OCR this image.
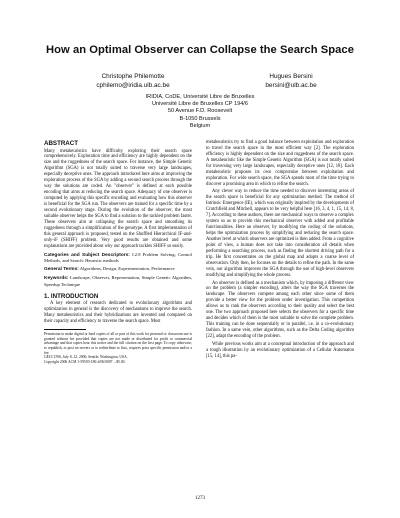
How an Optimal Observer can Collapse the Search Space
Christophe Philemotte
cphilemo@iridia.ulb.ac.be
Hugues Bersini
bersini@ulb.ac.be
IRIDIA, CoDE, Université Libre de Bruxelles
Université Libre de Bruxelles CP 194/6
50 Avenue F.D. Roosevelt
B-1050 Brussels
Belgium
ABSTRACT

Many metaheuristics have difficulty exploring their search space comprehensively. Exploration time and efficiency are highly dependent on the size and the ruggedness of the search space. For instance, the Simple Genetic Algorithm (SGA) is not totally suited to traverse very large landscapes, especially deceptive ones. The approach introduced here aims at improving the exploration process of the SGA by adding a second search process through the way the solutions are coded. An "observer" is defined at each possible encoding that aims at reducing the search space. Adequacy of one observer is computed by applying this specific encoding and evaluating how this observer is beneficial for the SGA run. The observers are trained for a specific time by a second evolutionary stage. During the evolution of the observer, the most suitable observer helps the SGA to find a solution to the tackled problem faster. These observers aim at collapsing the search space and smoothing its ruggedness through a simplification of the genotype. A first implementation of this general approach is proposed, tested on the Shuffled Hierarchical IF-and-only-iF (SHIFF) problem. Very good results are obtained and some explanations are provided about why our approach tackles SHIFF so easily.

Categories and Subject Descriptors: I.2.8 Problem Solving, Control Methods, and Search: Heuristic methods

General Terms: Algorithms, Design, Experimentation, Performance

Keywords: Landscape, Observer, Representation, Simple Genetic Algorithm, Speedup Technique

1. INTRODUCTION

A key element of research dedicated to evolutionary algorithms and optimization in general is the discovery of mechanisms to improve the search. Many metaheuristics and their hybridizations are invented and compared on their capacity and efficiency to traverse the search space. Most

Permission to make digital or hard copies of all or part of this work for personal or classroom use is granted without fee provided that copies are not made or distributed for profit or commercial advantage and that copies bear this notice and the full citation on the first page. To copy otherwise, to republish, to post on servers or to redistribute to lists, requires prior specific permission and/or a fee.

GECCO'06, July 8–12, 2006, Seattle, Washington, USA.

Copyright 2006 ACM 1-59593-186-4/06/0007 ...$5.00.

metaheuristics try to find a good balance between exploitation and exploration to travel the search space in the most efficient way [2]. The exploration efficiency is highly dependent on the size and ruggedness of the search space. A metaheuristic like the Simple Genetic Algorithm (SGA) is not totally suited for traversing very large landscapes, especially deceptive ones [12, 18]. Each metaheuristic proposes its own compromise between exploitation and exploration. For wide search space, the SGA spends most of the time trying to discover a promising area in which to refine the search.

Any clever way to reduce the time needed to discover interesting areas of the search space is beneficial for any optimization method. The method of Intrinsic Emergence (IE), which was originally inspired by the developments of Crutchfield and Mitchell, appears to be very helpful here [16, 3, 4, 1, 15, 14, 8, 7]. According to these authors, there are mechanical ways to observe a complex system so as to provide this mechanical observer with added and profitable functionalities. Here an observer, by modifying the coding of the solutions, helps the optimization process by simplifying and reducing the search space. Another level at which observers are optimized is then added. From a cognitive point of view, a human does not take into consideration all details when performing a searching process, such as finding the shortest driving path for a trip. He first concentrates on the global map and adopts a coarse level of observation. Only then, he focuses on the details to refine the path. In the same vein, our algorithm improves the SGA through the use of high-level observers modifying and simplifying the whole process.

An observer is defined as a mechanism which, by imposing a different view on the problem (a simpler encoding), alters the way the SGA traverses the landscape. The observers compete among each other since some of them provide a better view for the problem under investigation. This competition allows us to rank the observers according to their quality and select the best one. The two approach proposed here selects the observers for a specific time and decides which of them is the most suitable to solve the complete problem. This training can be done sequentially or in parallel, i.e. in a co-evolutionary fashion. In a same vein, other algorithms, such as the Delta Coding algorithm [22], adapt the encoding of the problem.

While previous works aim at a conceptual introduction of the approach and a rough illustration by an evolutionary optimization of a Cellular Automaton [15, 14], this pa-

1273
